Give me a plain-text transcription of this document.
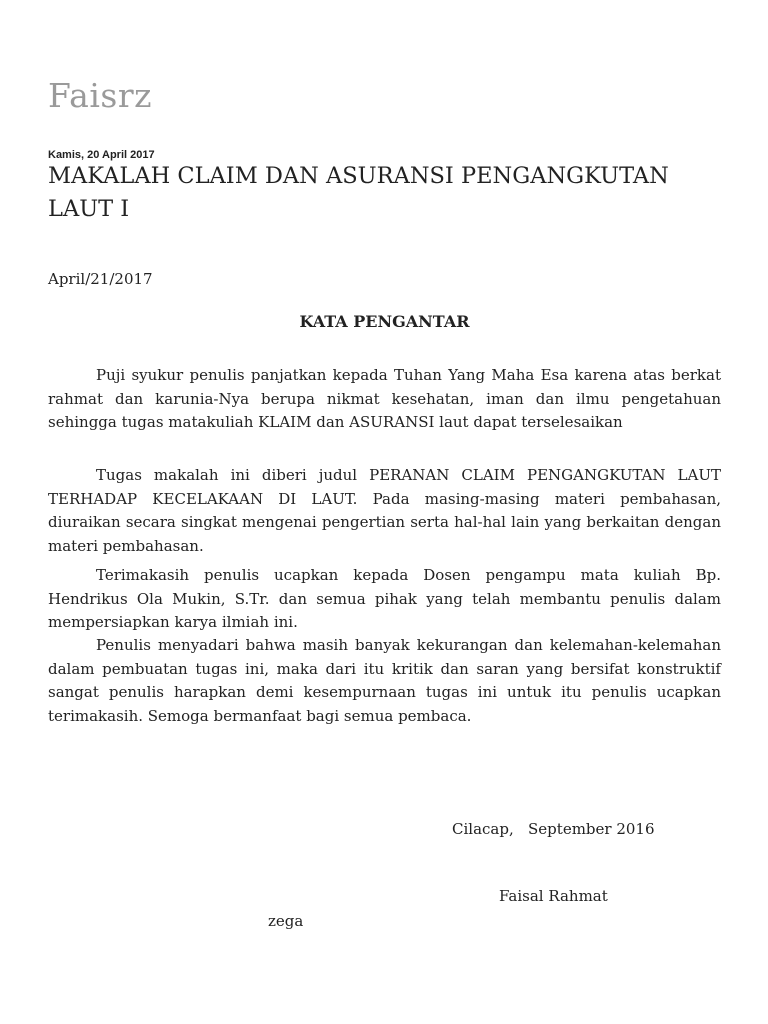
Faisrz
Kamis, 20 April 2017
MAKALAH CLAIM DAN ASURANSI PENGANGKUTAN LAUT I
April/21/2017
KATA PENGANTAR

Puji syukur penulis panjatkan kepada Tuhan Yang Maha Esa karena atas berkat rahmat dan karunia-Nya berupa nikmat kesehatan, iman dan ilmu pengetahuan sehingga tugas matakuliah KLAIM dan ASURANSI laut dapat terselesaikan

Tugas makalah ini diberi judul PERANAN CLAIM PENGANGKUTAN LAUT TERHADAP KECELAKAAN DI LAUT. Pada masing-masing materi pembahasan, diuraikan secara singkat mengenai pengertian serta hal-hal lain yang berkaitan dengan materi pembahasan.

Terimakasih penulis ucapkan kepada Dosen pengampu mata kuliah Bp. Hendrikus Ola Mukin, S.Tr. dan semua pihak yang telah membantu penulis dalam mempersiapkan karya ilmiah ini.

Penulis menyadari bahwa masih banyak kekurangan dan kelemahan-kelemahan dalam pembuatan tugas ini, maka dari itu kritik dan saran yang bersifat konstruktif sangat penulis harapkan demi kesempurnaan tugas ini untuk itu penulis ucapkan terimakasih. Semoga bermanfaat bagi semua pembaca.

Cilacap,   September 2016
Faisal Rahmat
zega
